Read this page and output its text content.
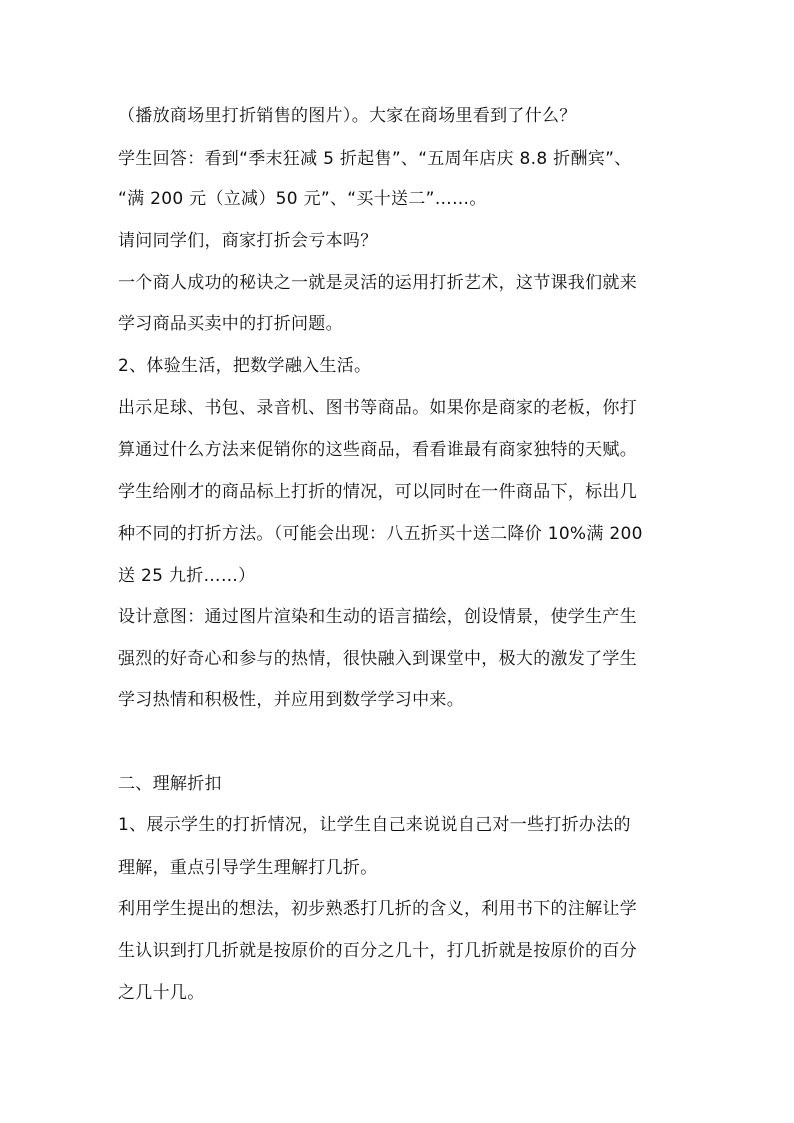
（播放商场里打折销售的图片）。大家在商场里看到了什么？
学生回答：看到“季末狂减 5 折起售”、“五周年店庆 8.8 折酬宾”、
“满 200 元（立减）50 元”、“买十送二”……。
请问同学们，商家打折会亏本吗？
一个商人成功的秘诀之一就是灵活的运用打折艺术，这节课我们就来
学习商品买卖中的打折问题。
2、体验生活，把数学融入生活。
出示足球、书包、录音机、图书等商品。如果你是商家的老板，你打
算通过什么方法来促销你的这些商品，看看谁最有商家独特的天赋。
学生给刚才的商品标上打折的情况，可以同时在一件商品下，标出几
种不同的打折方法。（可能会出现：八五折买十送二降价 10%满 200
送 25 九折……）
设计意图：通过图片渲染和生动的语言描绘，创设情景，使学生产生
强烈的好奇心和参与的热情，很快融入到课堂中，极大的激发了学生
学习热情和积极性，并应用到数学学习中来。
二、理解折扣
1、展示学生的打折情况，让学生自己来说说自己对一些打折办法的
理解，重点引导学生理解打几折。
利用学生提出的想法，初步熟悉打几折的含义，利用书下的注解让学
生认识到打几折就是按原价的百分之几十，打几折就是按原价的百分
之几十几。
